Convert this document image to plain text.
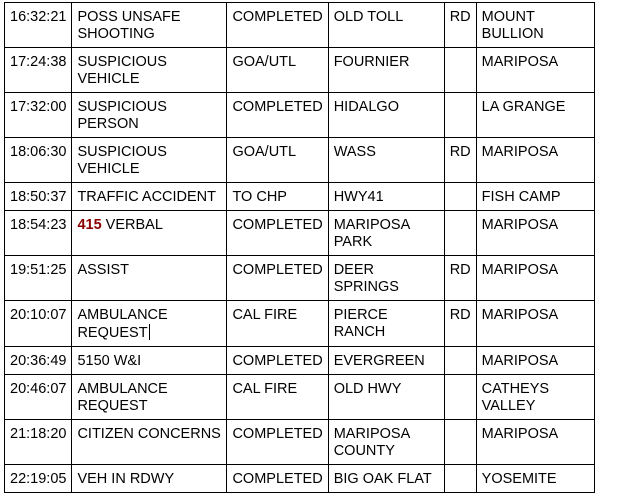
16:32:21	POSS UNSAFE SHOOTING	COMPLETED	OLD TOLL	RD	MOUNT BULLION
17:24:38	SUSPICIOUS VEHICLE	GOA/UTL	FOURNIER		MARIPOSA
17:32:00	SUSPICIOUS PERSON	COMPLETED	HIDALGO		LA GRANGE
18:06:30	SUSPICIOUS VEHICLE	GOA/UTL	WASS	RD	MARIPOSA
18:50:37	TRAFFIC ACCIDENT	TO CHP	HWY41		FISH CAMP
18:54:23	415 VERBAL	COMPLETED	MARIPOSA PARK		MARIPOSA
19:51:25	ASSIST	COMPLETED	DEER SPRINGS	RD	MARIPOSA
20:10:07	AMBULANCE REQUEST	CAL FIRE	PIERCE RANCH	RD	MARIPOSA
20:36:49	5150 W&I	COMPLETED	EVERGREEN		MARIPOSA
20:46:07	AMBULANCE REQUEST	CAL FIRE	OLD HWY		CATHEYS VALLEY
21:18:20	CITIZEN CONCERNS	COMPLETED	MARIPOSA COUNTY		MARIPOSA
22:19:05	VEH IN RDWY	COMPLETED	BIG OAK FLAT		YOSEMITE
